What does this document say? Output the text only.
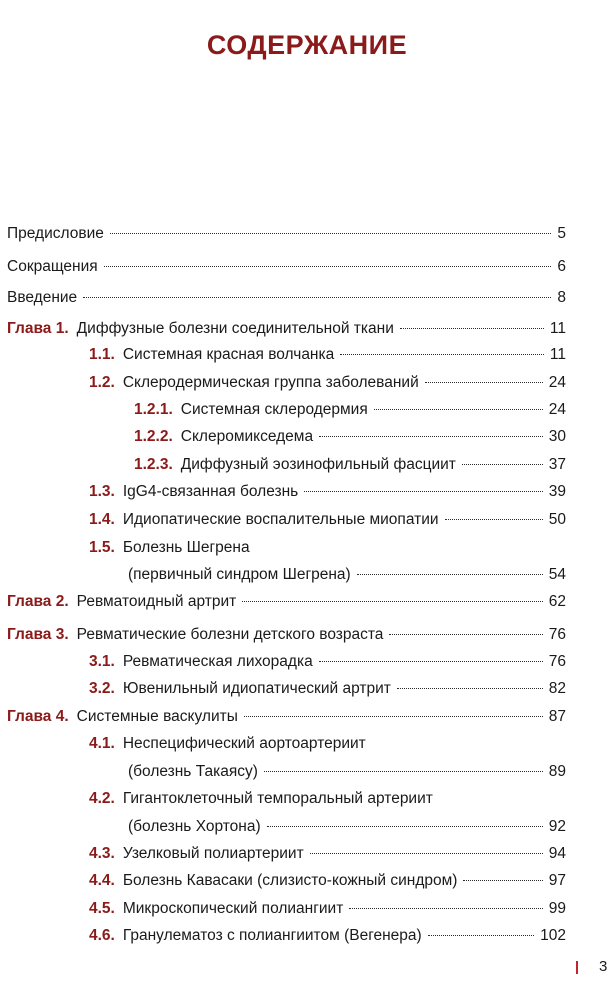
СОДЕРЖАНИЕ
Предисловие	5
Сокращения	6
Введение	8
Глава 1. Диффузные болезни соединительной ткани	11
1.1. Системная красная волчанка	11
1.2. Склеродермическая группа заболеваний	24
1.2.1. Системная склеродермия	24
1.2.2. Склеромикседема	30
1.2.3. Диффузный эозинофильный фасциит	37
1.3. IgG4-связанная болезнь	39
1.4. Идиопатические воспалительные миопатии	50
1.5. Болезнь Шегрена
(первичный синдром Шегрена)	54
Глава 2. Ревматоидный артрит	62
Глава 3. Ревматические болезни детского возраста	76
3.1. Ревматическая лихорадка	76
3.2. Ювенильный идиопатический артрит	82
Глава 4. Системные васкулиты	87
4.1. Неспецифический аортоартериит
(болезнь Такаясу)	89
4.2. Гигантоклеточный темпоральный артериит
(болезнь Хортона)	92
4.3. Узелковый полиартериит	94
4.4. Болезнь Кавасаки (слизисто-кожный синдром)	97
4.5. Микроскопический полиангиит	99
4.6. Гранулематоз с полиангиитом (Вегенера)	102
3
